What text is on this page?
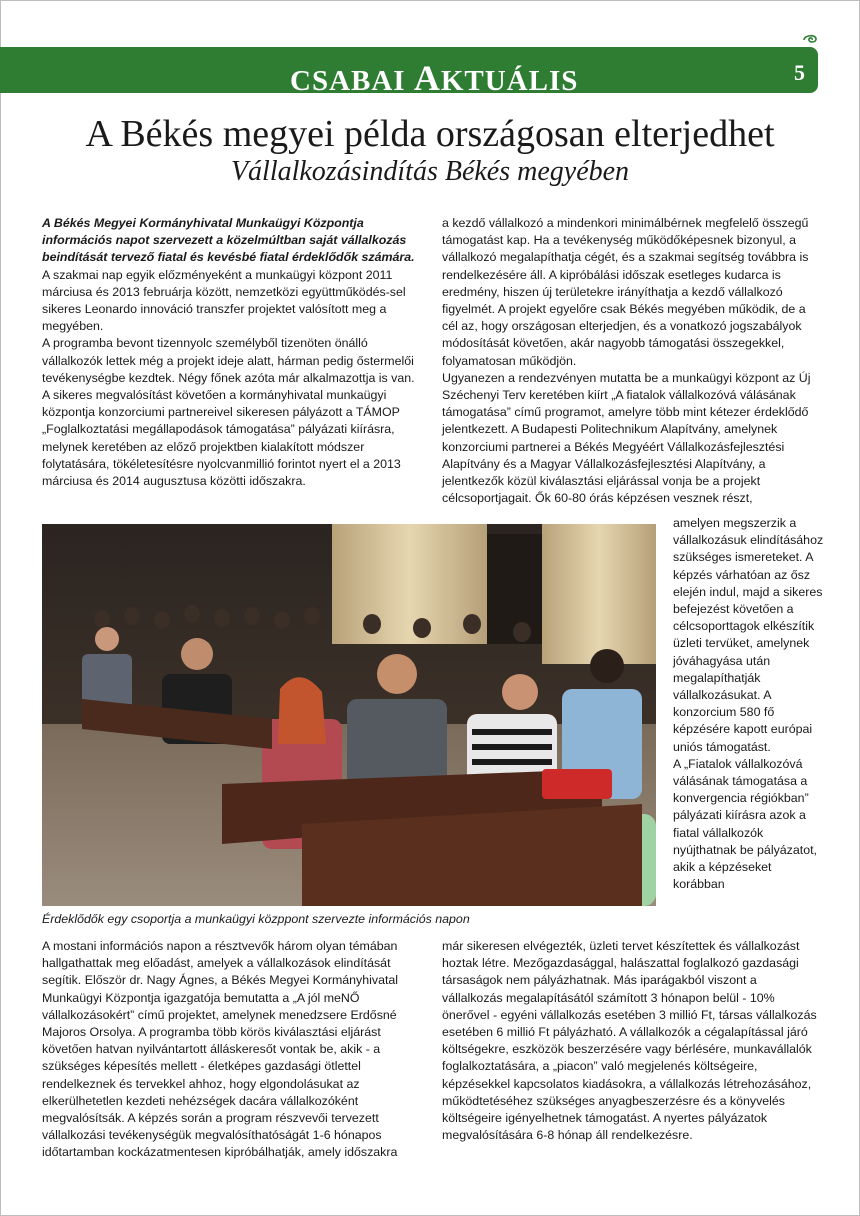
CSABAI AKTUÁLIS	5
A Békés megyei példa országosan elterjedhet
Vállalkozásindítás Békés megyében

A Békés Megyei Kormányhivatal Munkaügyi Központja információs napot szervezett a közelmúltban saját vállalkozás beindítását tervező fiatal és kevésbé fiatal érdeklődők számára.

A szakmai nap egyik előzményeként a munkaügyi központ 2011 márciusa és 2013 februárja között, nemzetközi együttműködés-sel sikeres Leonardo innováció transzfer projektet valósított meg a megyében.

A programba bevont tizennyolc személyből tizenöten önálló vállalkozók lettek még a projekt ideje alatt, hárman pedig őstermelői tevékenységbe kezdtek. Négy főnek azóta már alkalmazottja is van. A sikeres megvalósítást követően a kormányhivatal munkaügyi központja konzorciumi partnereivel sikeresen pályázott a TÁMOP „Foglalkoztatási megállapodások támogatása” pályázati kiírásra, melynek keretében az előző projektben kialakított módszer folytatására, tökéletesítésre nyolcvanmillió forintot nyert el a 2013 márciusa és 2014 augusztusa közötti időszakra.

a kezdő vállalkozó a mindenkori minimálbérnek megfelelő összegű támogatást kap. Ha a tevékenység működőképesnek bizonyul, a vállalkozó megalapíthatja cégét, és a szakmai segítség továbbra is rendelkezésére áll. A kipróbálási időszak esetleges kudarca is eredmény, hiszen új területekre irányíthatja a kezdő vállalkozó figyelmét. A projekt egyelőre csak Békés megyében működik, de a cél az, hogy országosan elterjedjen, és a vonatkozó jogszabályok módosítását követően, akár nagyobb támogatási összegekkel, folyamatosan működjön.

Ugyanezen a rendezvényen mutatta be a munkaügyi központ az Új Széchenyi Terv keretében kiírt „A fiatalok vállalkozóvá válásának támogatása” című programot, amelyre több mint kétezer érdeklődő jelentkezett. A Budapesti Politechnikum Alapítvány, amelynek konzorciumi partnerei a Békés Megyéért Vállalkozásfejlesztési Alapítvány és a Magyar Vállalkozásfejlesztési Alapítvány, a jelentkezők közül kiválasztási eljárással vonja be a projekt célcsoportjagait. Ők 60-80 órás képzésen vesznek részt,

Érdeklődők egy csoportja a munkaügyi közppont szervezte információs napon

amelyen megszerzik a vállalkozásuk elindításához szükséges ismereteket. A képzés várhatóan az ősz elején indul, majd a sikeres befejezést követően a célcsoporttagok elkészítik üzleti tervüket, amelynek jóváhagyása után megalapíthatják vállalkozásukat. A konzorcium 580 fő képzésére kapott európai uniós támogatást.

A „Fiatalok vállalkozóvá válásának támogatása a konvergencia régiókban” pályázati kiírásra azok a fiatal vállalkozók nyújthatnak be pályázatot, akik a képzéseket korábban

A mostani információs napon a résztvevők három olyan témában hallgathattak meg előadást, amelyek a vállalkozások elindítását segítik. Először dr. Nagy Ágnes, a Békés Megyei Kormányhivatal Munkaügyi Központja igazgatója bemutatta a „A jól meNŐ vállalkozásokért” című projektet, amelynek menedzsere Erdősné Majoros Orsolya. A programba több körös kiválasztási eljárást követően hatvan nyilvántartott álláskeresőt vontak be, akik - a szükséges képesítés mellett - életképes gazdasági ötlettel rendelkeznek és tervekkel ahhoz, hogy elgondolásukat az elkerülhetetlen kezdeti nehézségek dacára vállalkozóként megvalósítsák. A képzés során a program részvevői tervezett vállalkozási tevékenységük megvalósíthatóságát 1-6 hónapos időtartamban kockázatmentesen kipróbálhatják, amely időszakra

már sikeresen elvégezték, üzleti tervet készítettek és vállalkozást hoztak létre. Mezőgazdasággal, halászattal foglalkozó gazdasági társaságok nem pályázhatnak. Más iparágakból viszont a vállalkozás megalapításától számított 3 hónapon belül - 10% önerővel - egyéni vállalkozás esetében 3 millió Ft, társas vállalkozás esetében 6 millió Ft pályázható. A vállalkozók a cégalapítással járó költségekre, eszközök beszerzésére vagy bérlésére, munkavállalók foglalkoztatására, a „piacon” való megjelenés költségeire, képzésekkel kapcsolatos kiadásokra, a vállalkozás létrehozásához, működtetéséhez szükséges anyagbeszerzésre és a könyvelés költségeire igényelhetnek támogatást. A nyertes pályázatok megvalósítására 6-8 hónap áll rendelkezésre.
